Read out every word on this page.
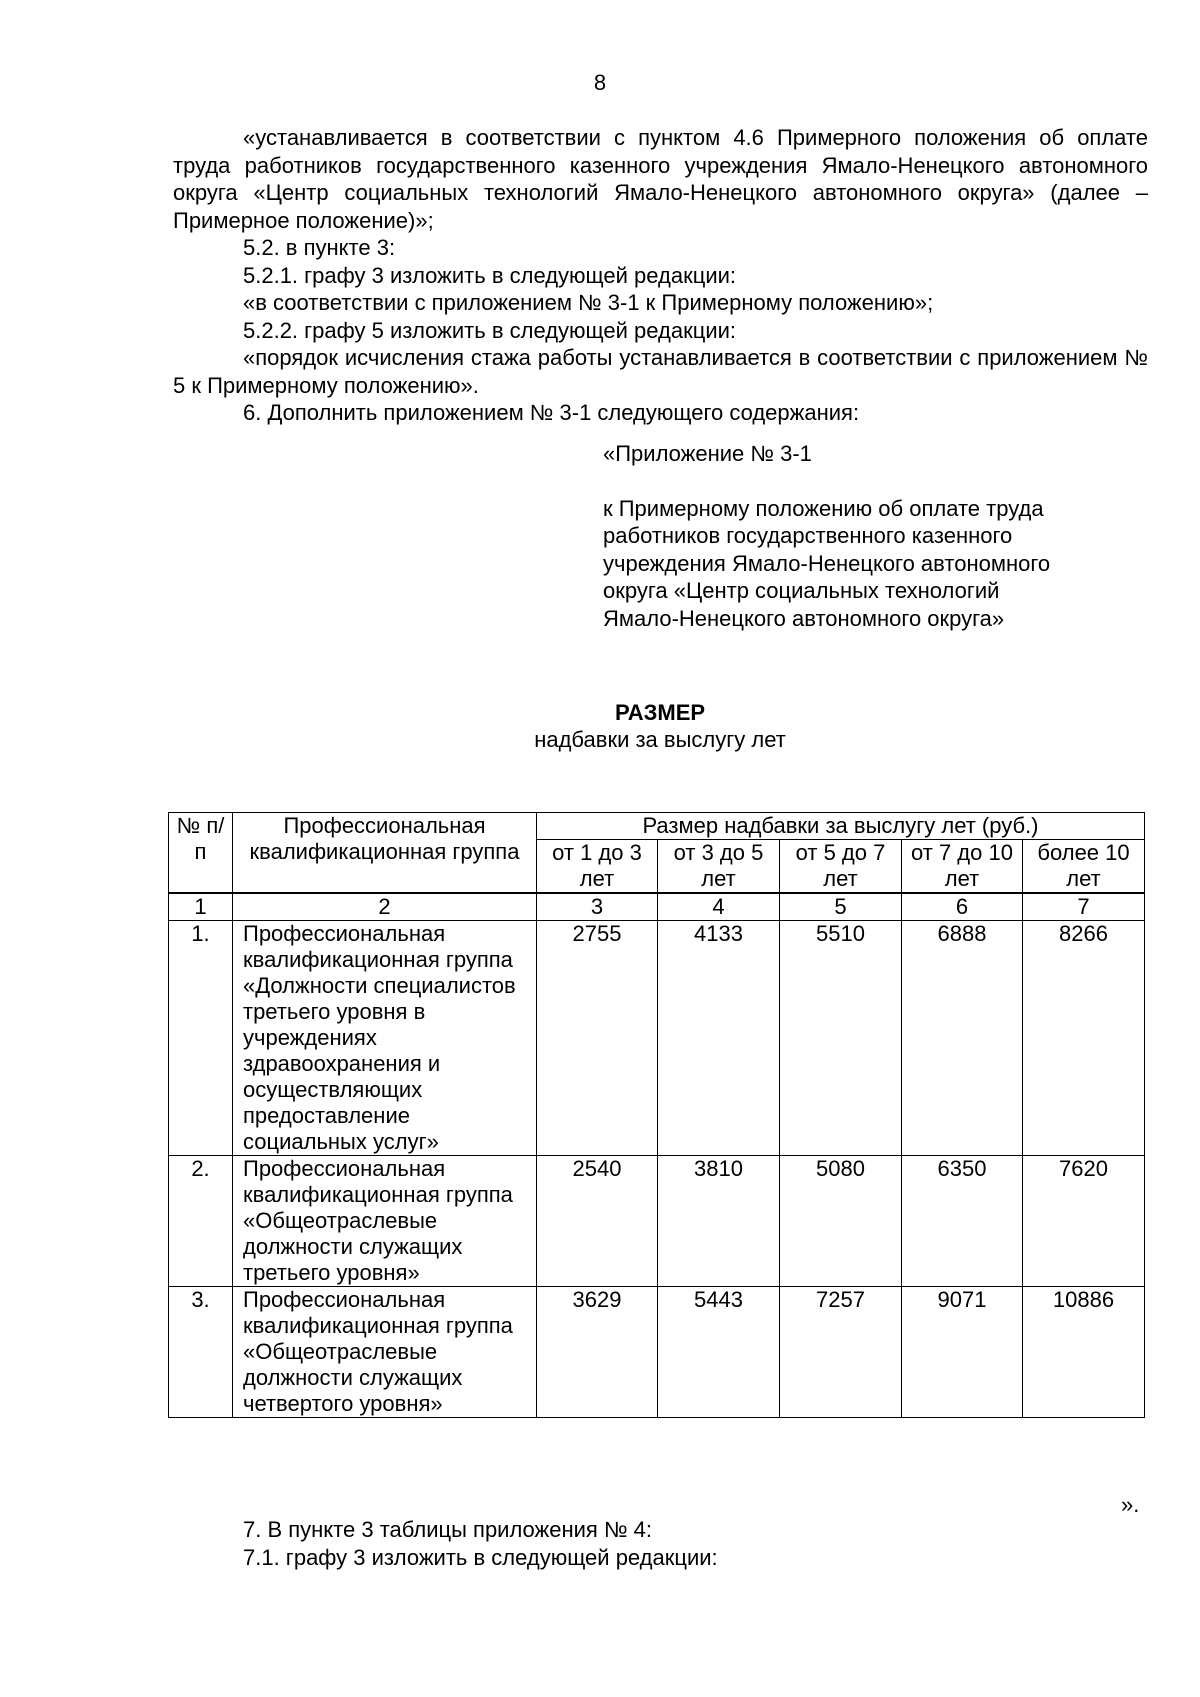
8

«устанавливается в соответствии с пунктом 4.6 Примерного положения об оплате труда работников государственного казенного учреждения Ямало-Ненецкого автономного округа «Центр социальных технологий Ямало-Ненецкого автономного округа» (далее – Примерное положение)»;

5.2. в пункте 3:

5.2.1. графу 3 изложить в следующей редакции:

«в соответствии с приложением № 3-1 к Примерному положению»;

5.2.2. графу 5 изложить в следующей редакции:

«порядок исчисления стажа работы устанавливается в соответствии с приложением № 5 к Примерному положению».

6. Дополнить приложением № 3-1 следующего содержания:

«Приложение № 3-1

к Примерному положению об оплате труда

работников государственного казенного

учреждения Ямало-Ненецкого автономного

округа «Центр социальных технологий

Ямало-Ненецкого автономного округа»

РАЗМЕР
надбавки за выслугу лет
№ п/п	Профессиональная квалификационная группа	Размер надбавки за выслугу лет (руб.)				
		от 1 до 3 лет	от 3 до 5 лет	от 5 до 7 лет	от 7 до 10 лет	более 10 лет
1	2	3	4	5	6	7
1.	Профессиональная квалификационная группа «Должности специалистов третьего уровня в учреждениях здравоохранения и осуществляющих предоставление социальных услуг»	2755	4133	5510	6888	8266
2.	Профессиональная квалификационная группа «Общеотраслевые должности служащих третьего уровня»	2540	3810	5080	6350	7620
3.	Профессиональная квалификационная группа «Общеотраслевые должности служащих четвертого уровня»	3629	5443	7257	9071	10886
».

7. В пункте 3 таблицы приложения № 4:

7.1. графу 3 изложить в следующей редакции:
